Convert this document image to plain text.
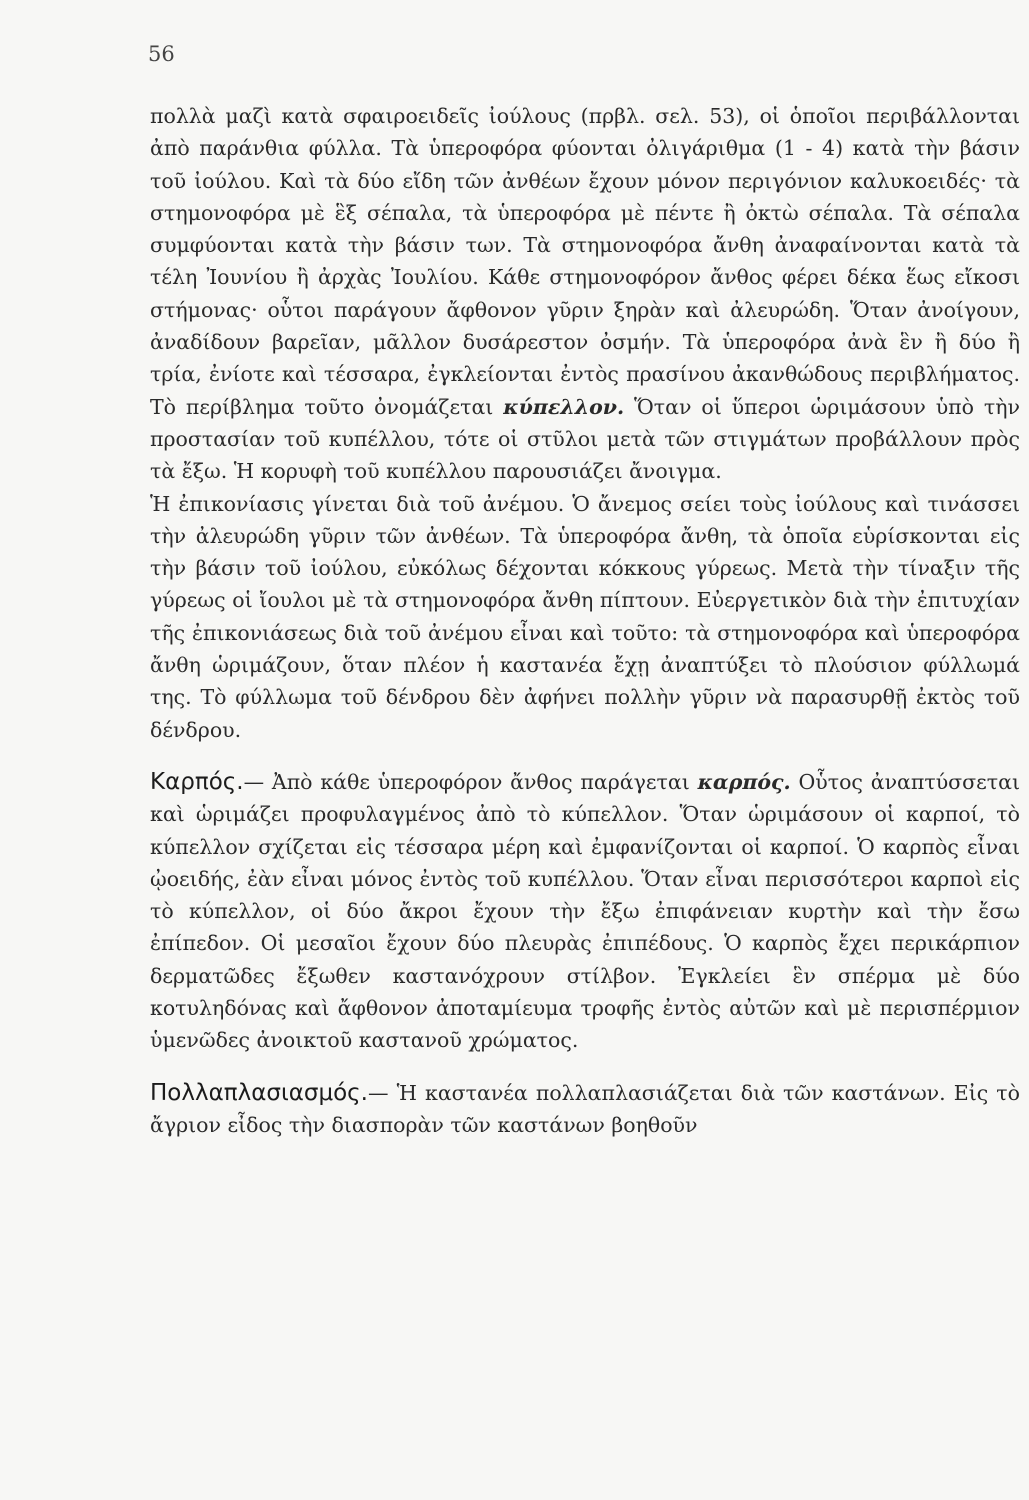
56

πολλὰ μαζὶ κατὰ σφαιροειδεῖς ἰούλους (πρβλ. σελ. 53), οἱ ὁποῖοι περιβάλλονται ἀπὸ παράνθια φύλλα. Τὰ ὑπεροφόρα φύονται ὀλιγάριθμα (1 - 4) κατὰ τὴν βάσιν τοῦ ἰούλου. Καὶ τὰ δύο εἴδη τῶν ἀνθέων ἔχουν μόνον περιγόνιον καλυκοειδές· τὰ στημονοφόρα μὲ ἓξ σέπαλα, τὰ ὑπεροφόρα μὲ πέντε ἢ ὀκτὼ σέπαλα. Τὰ σέπαλα συμφύονται κατὰ τὴν βάσιν των. Τὰ στημονοφόρα ἄνθη ἀναφαίνονται κατὰ τὰ τέλη Ἰουνίου ἢ ἀρχὰς Ἰουλίου. Κάθε στημονοφόρον ἄνθος φέρει δέκα ἕως εἴκοσι στήμονας· οὗτοι παράγουν ἄφθονον γῦριν ξηρὰν καὶ ἀλευρώδη. Ὅταν ἀνοίγουν, ἀναδίδουν βαρεῖαν, μᾶλλον δυσάρεστον ὀσμήν. Τὰ ὑπεροφόρα ἀνὰ ἓν ἢ δύο ἢ τρία, ἐνίοτε καὶ τέσσαρα, ἐγκλείονται ἐντὸς πρασίνου ἀκανθώδους περιβλήματος. Τὸ περίβλημα τοῦτο ὀνομάζεται κύπελλον. Ὅταν οἱ ὕπεροι ὡριμάσουν ὑπὸ τὴν προστασίαν τοῦ κυπέλλου, τότε οἱ στῦλοι μετὰ τῶν στιγμάτων προβάλλουν πρὸς τὰ ἔξω. Ἡ κορυφὴ τοῦ κυπέλλου παρουσιάζει ἄνοιγμα.

Ἡ ἐπικονίασις γίνεται διὰ τοῦ ἀνέμου. Ὁ ἄνεμος σείει τοὺς ἰούλους καὶ τινάσσει τὴν ἀλευρώδη γῦριν τῶν ἀνθέων. Τὰ ὑπεροφόρα ἄνθη, τὰ ὁποῖα εὑρίσκονται εἰς τὴν βάσιν τοῦ ἰούλου, εὐκόλως δέχονται κόκκους γύρεως. Μετὰ τὴν τίναξιν τῆς γύρεως οἱ ἴουλοι μὲ τὰ στημονοφόρα ἄνθη πίπτουν. Εὐεργετικὸν διὰ τὴν ἐπιτυχίαν τῆς ἐπικονιάσεως διὰ τοῦ ἀνέμου εἶναι καὶ τοῦτο: τὰ στημονοφόρα καὶ ὑπεροφόρα ἄνθη ὡριμάζουν, ὅταν πλέον ἡ καστανέα ἔχῃ ἀναπτύξει τὸ πλούσιον φύλλωμά της. Τὸ φύλλωμα τοῦ δένδρου δὲν ἀφήνει πολλὴν γῦριν νὰ παρασυρθῇ ἐκτὸς τοῦ δένδρου.

Καρπός.— Ἀπὸ κάθε ὑπεροφόρον ἄνθος παράγεται καρπός. Οὗτος ἀναπτύσσεται καὶ ὡριμάζει προφυλαγμένος ἀπὸ τὸ κύπελλον. Ὅταν ὡριμάσουν οἱ καρποί, τὸ κύπελλον σχίζεται εἰς τέσσαρα μέρη καὶ ἐμφανίζονται οἱ καρποί. Ὁ καρπὸς εἶναι ᾠοειδής, ἐὰν εἶναι μόνος ἐντὸς τοῦ κυπέλλου. Ὅταν εἶναι περισσότεροι καρποὶ εἰς τὸ κύπελλον, οἱ δύο ἄκροι ἔχουν τὴν ἔξω ἐπιφάνειαν κυρτὴν καὶ τὴν ἔσω ἐπίπεδον. Οἱ μεσαῖοι ἔχουν δύο πλευρὰς ἐπιπέδους. Ὁ καρπὸς ἔχει περικάρπιον δερματῶδες ἔξωθεν καστανόχρουν στίλβον. Ἐγκλείει ἓν σπέρμα μὲ δύο κοτυληδόνας καὶ ἄφθονον ἀποταμίευμα τροφῆς ἐντὸς αὐτῶν καὶ μὲ περισπέρμιον ὑμενῶδες ἀνοικτοῦ καστανοῦ χρώματος.

Πολλαπλασιασμός.— Ἡ καστανέα πολλαπλασιάζεται διὰ τῶν καστάνων. Εἰς τὸ ἄγριον εἶδος τὴν διασπορὰν τῶν καστάνων βοηθοῦν
